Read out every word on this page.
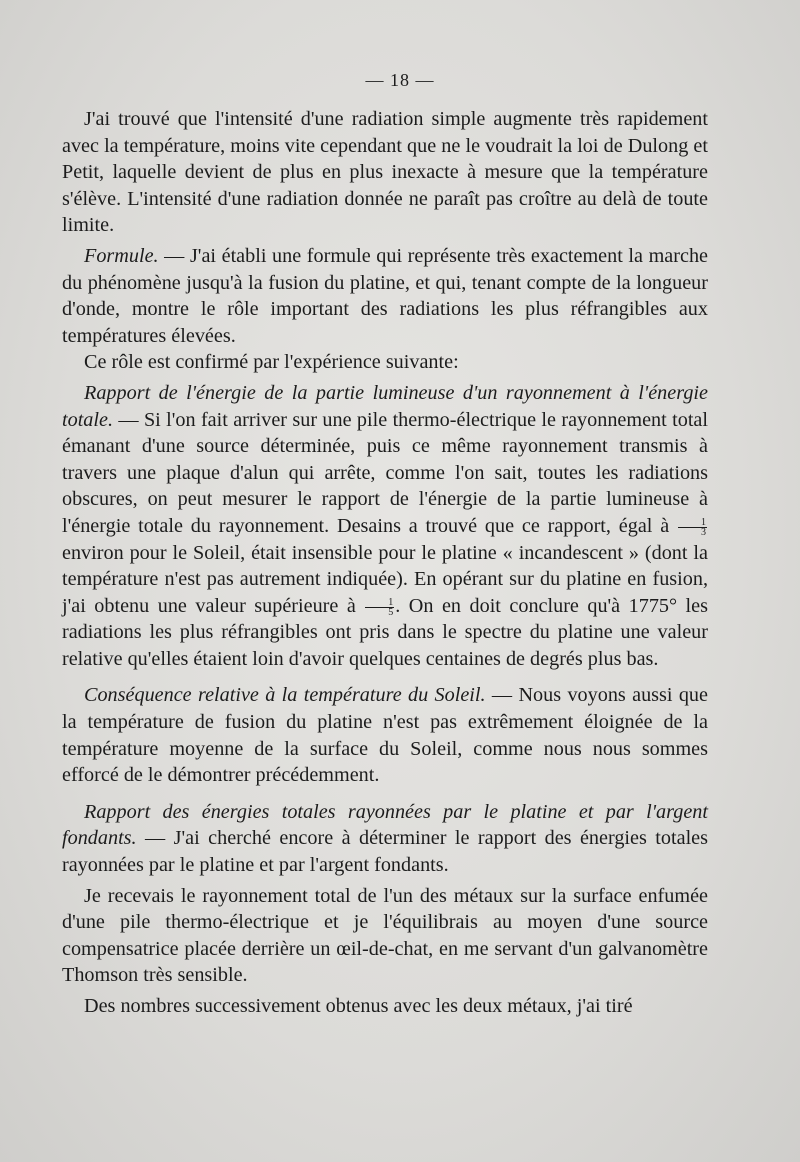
— 18 —

J'ai trouvé que l'intensité d'une radiation simple augmente très rapidement avec la température, moins vite cependant que ne le voudrait la loi de Dulong et Petit, laquelle devient de plus en plus inexacte à mesure que la température s'élève. L'intensité d'une radiation donnée ne paraît pas croître au delà de toute limite.

Formule. — J'ai établi une formule qui représente très exactement la marche du phénomène jusqu'à la fusion du platine, et qui, tenant compte de la longueur d'onde, montre le rôle important des radiations les plus réfrangibles aux températures élevées.

Ce rôle est confirmé par l'expérience suivante:

Rapport de l'énergie de la partie lumineuse d'un rayonnement à l'énergie totale. — Si l'on fait arriver sur une pile thermo-électrique le rayonnement total émanant d'une source déterminée, puis ce même rayonnement transmis à travers une plaque d'alun qui arrête, comme l'on sait, toutes les radiations obscures, on peut mesurer le rapport de l'énergie de la partie lumineuse à l'énergie totale du rayonnement. Desains a trouvé que ce rapport, égal à $\frac{1}{3}$
environ pour le Soleil, était insensible pour le platine « incandescent » (dont la température n'est pas autrement indiquée). En opérant sur du platine en fusion, j'ai obtenu une valeur supérieure à $\frac{1}{5}$ . On en doit conclure qu'à 1775° les radiations les plus réfrangibles ont pris dans le spectre du platine une valeur relative qu'elles étaient loin d'avoir quelques centaines de degrés plus bas.

Conséquence relative à la température du Soleil. — Nous voyons aussi que la température de fusion du platine n'est pas extrêmement éloignée de la température moyenne de la surface du Soleil, comme nous nous sommes efforcé de le démontrer précédemment.

Rapport des énergies totales rayonnées par le platine et par l'argent fondants. — J'ai cherché encore à déterminer le rapport des énergies totales rayonnées par le platine et par l'argent fondants.

Je recevais le rayonnement total de l'un des métaux sur la surface enfumée d'une pile thermo-électrique et je l'équilibrais au moyen d'une source compensatrice placée derrière un œil-de-chat, en me servant d'un galvanomètre Thomson très sensible.

Des nombres successivement obtenus avec les deux métaux, j'ai tiré
